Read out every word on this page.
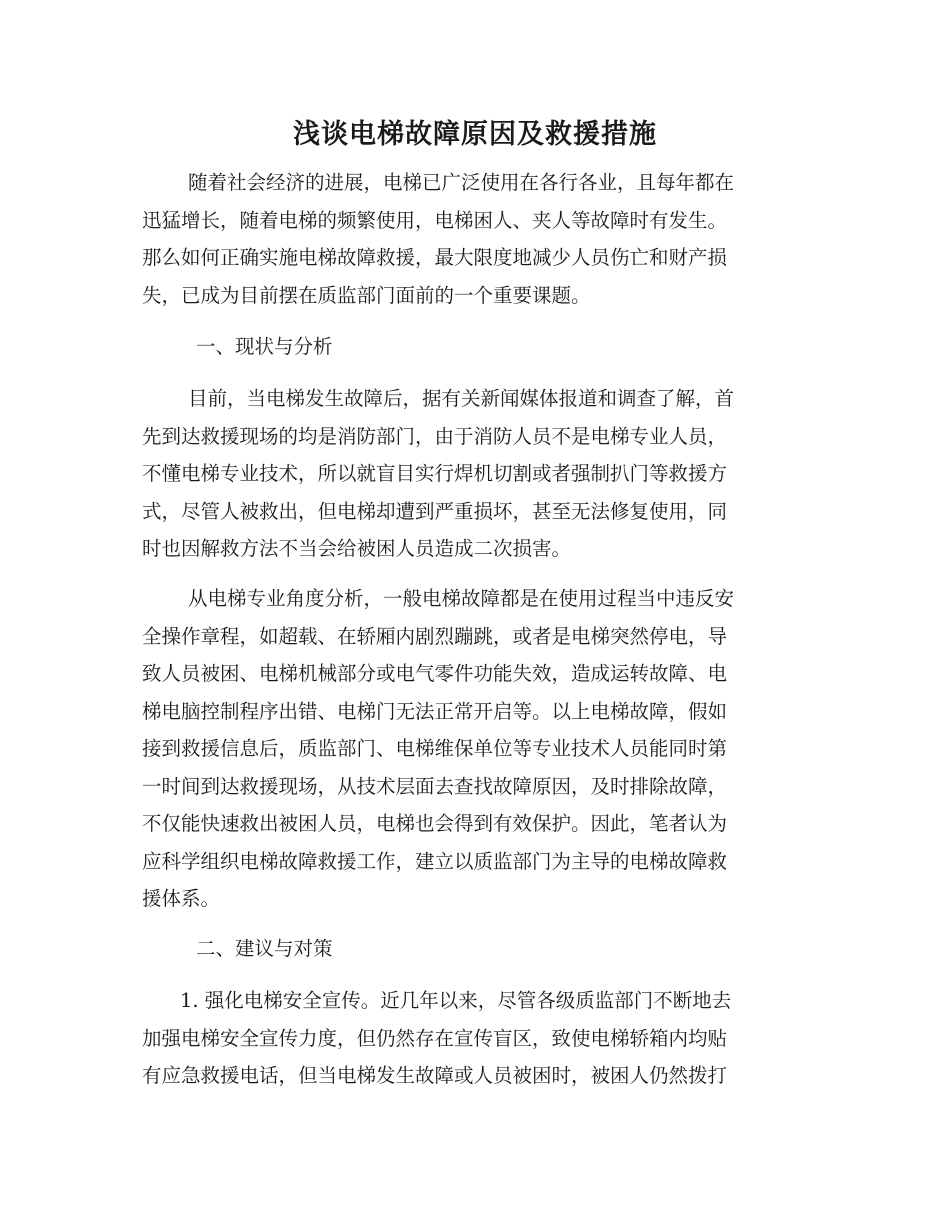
浅谈电梯故障原因及救援措施

随着社会经济的进展，电梯已广泛使用在各行各业，且每年都在
迅猛增长，随着电梯的频繁使用，电梯困人、夹人等故障时有发生。
那么如何正确实施电梯故障救援，最大限度地减少人员伤亡和财产损
失，已成为目前摆在质监部门面前的一个重要课题。

一、现状与分析

目前，当电梯发生故障后，据有关新闻媒体报道和调查了解，首
先到达救援现场的均是消防部门，由于消防人员不是电梯专业人员，
不懂电梯专业技术，所以就盲目实行焊机切割或者强制扒门等救援方
式，尽管人被救出，但电梯却遭到严重损坏，甚至无法修复使用，同
时也因解救方法不当会给被困人员造成二次损害。

从电梯专业角度分析，一般电梯故障都是在使用过程当中违反安
全操作章程，如超载、在轿厢内剧烈蹦跳，或者是电梯突然停电，导
致人员被困、电梯机械部分或电气零件功能失效，造成运转故障、电
梯电脑控制程序出错、电梯门无法正常开启等。以上电梯故障，假如
接到救援信息后，质监部门、电梯维保单位等专业技术人员能同时第
一时间到达救援现场，从技术层面去查找故障原因，及时排除故障，
不仅能快速救出被困人员，电梯也会得到有效保护。因此，笔者认为
应科学组织电梯故障救援工作，建立以质监部门为主导的电梯故障救
援体系。

二、建议与对策

1. 强化电梯安全宣传。近几年以来，尽管各级质监部门不断地去
加强电梯安全宣传力度，但仍然存在宣传盲区，致使电梯轿箱内均贴
有应急救援电话，但当电梯发生故障或人员被困时，被困人仍然拨打
